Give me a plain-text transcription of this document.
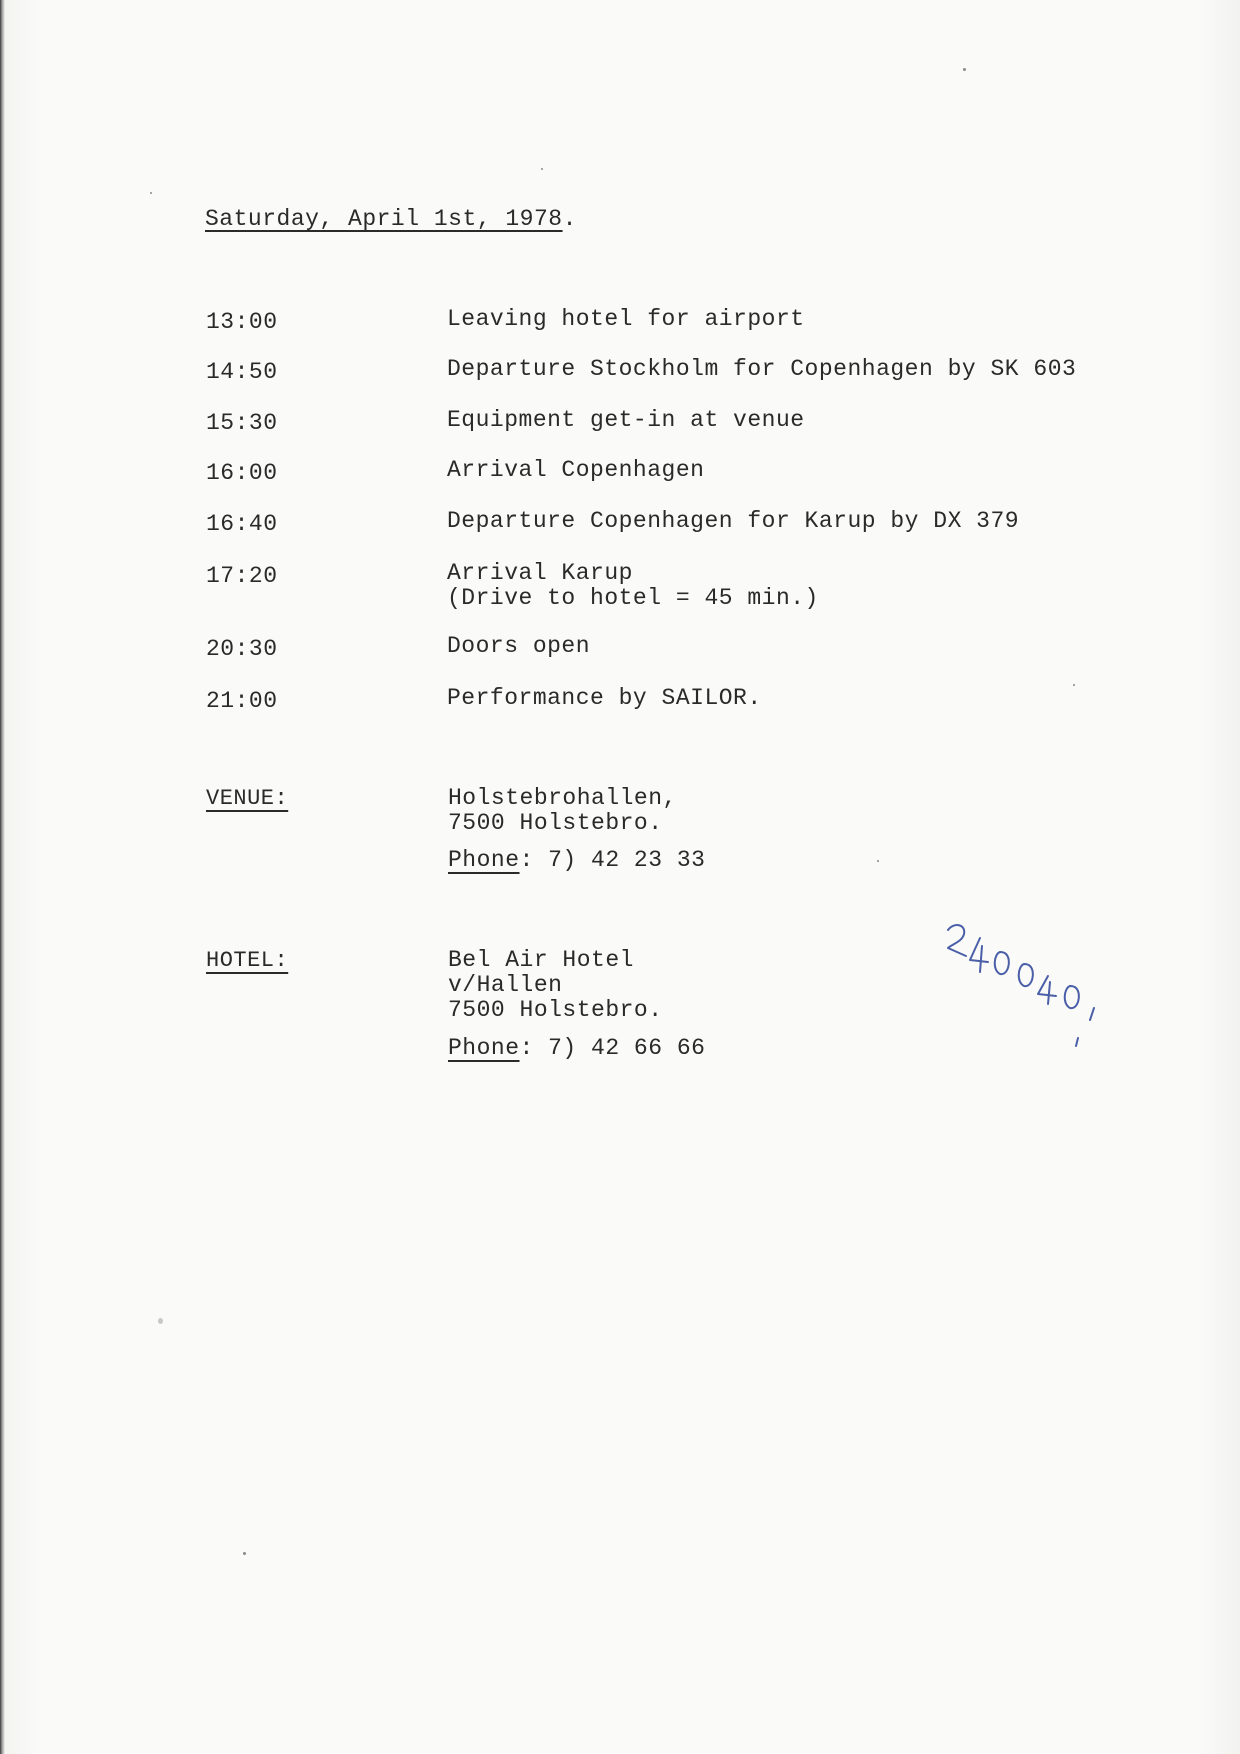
Saturday, April 1st, 1978.
13:00	Leaving hotel for airport
14:50	Departure Stockholm for Copenhagen by SK 603
15:30	Equipment get-in at venue
16:00	Arrival Copenhagen
16:40	Departure Copenhagen for Karup by DX 379
17:20	Arrival Karup
(Drive to hotel = 45 min.)
20:30	Doors open
21:00	Performance by SAILOR.
VENUE:	Holstebrohallen,
7500 Holstebro.
Phone: 7) 42 23 33
HOTEL:	Bel Air Hotel
v/Hallen
7500 Holstebro.
Phone: 7) 42 66 66
240040,
